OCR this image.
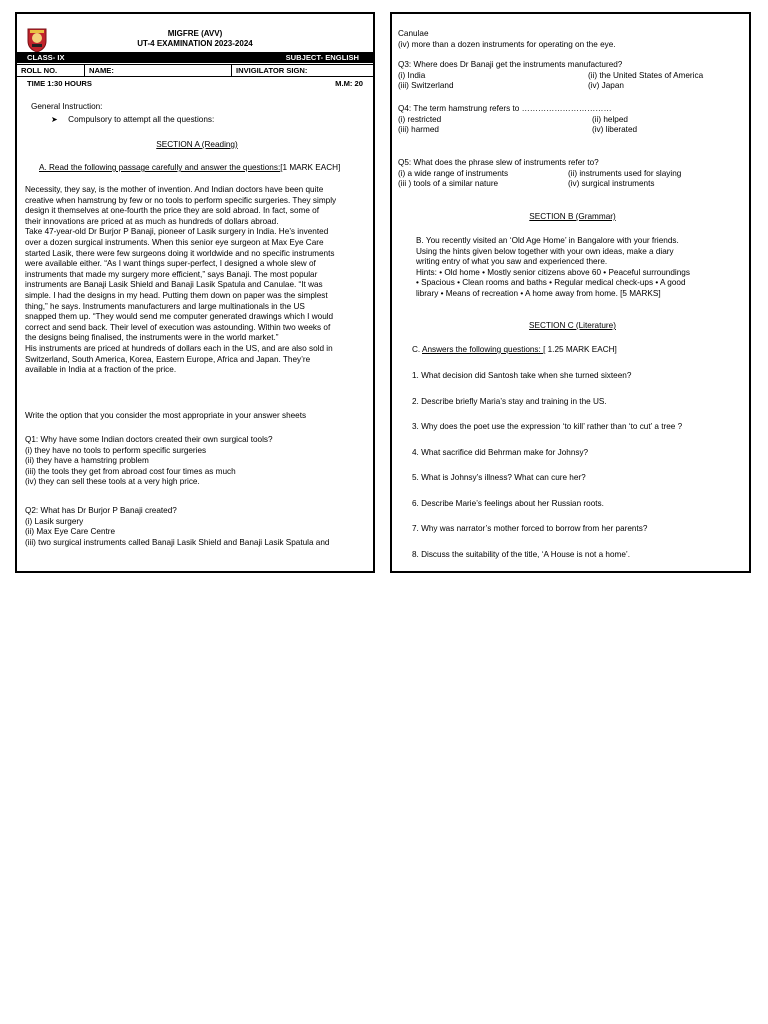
MIGFRE (AVV)
UT-4 EXAMINATION 2023-2024
CLASS- IX	SUBJECT- ENGLISH
ROLL NO.	NAME:	INVIGILATOR SIGN:
TIME 1:30 HOURS	M.M: 20
General Instruction:
➤ Compulsory to attempt all the questions:
SECTION A (Reading)
A. Read the following passage carefully and answer the questions:[1 MARK EACH]
Necessity, they say, is the mother of invention. And Indian doctors have been quite
creative when hamstrung by few or no tools to perform specific surgeries. They simply
design it themselves at one-fourth the price they are sold abroad. In fact, some of
their innovations are priced at as much as hundreds of dollars abroad.
Take 47-year-old Dr Burjor P Banaji, pioneer of Lasik surgery in India. He’s invented
over a dozen surgical instruments. When this senior eye surgeon at Max Eye Care
started Lasik, there were few surgeons doing it worldwide and no specific instruments
were available either. “As I want things super-perfect, I designed a whole slew of
instruments that made my surgery more efficient,” says Banaji. The most popular
instruments are Banaji Lasik Shield and Banaji Lasik Spatula and Canulae. “It was
simple. I had the designs in my head. Putting them down on paper was the simplest
thing,” he says. Instruments manufacturers and large multinationals in the US
snapped them up. “They would send me computer generated drawings which I would
correct and send back. Their level of execution was astounding. Within two weeks of
the designs being finalised, the instruments were in the world market.”
His instruments are priced at hundreds of dollars each in the US, and are also sold in
Switzerland, South America, Korea, Eastern Europe, Africa and Japan. They’re
available in India at a fraction of the price.
Write the option that you consider the most appropriate in your answer sheets
Q1: Why have some Indian doctors created their own surgical tools?
(i) they have no tools to perform specific surgeries
(ii) they have a hamstring problem
(iii) the tools they get from abroad cost four times as much
(iv) they can sell these tools at a very high price.
Q2: What has Dr Burjor P Banaji created?
(i) Lasik surgery
(ii) Max Eye Care Centre
(iii) two surgical instruments called Banaji Lasik Shield and Banaji Lasik Spatula and
Canulae
(iv) more than a dozen instruments for operating on the eye.
Q3: Where does Dr Banaji get the instruments manufactured?
(i) India	(ii) the United States of America
(iii) Switzerland	(iv) Japan
Q4: The term hamstrung refers to ……………………………
(i) restricted	(ii) helped
(iii) harmed	(iv) liberated
Q5: What does the phrase slew of instruments refer to?
(i) a wide range of instruments	(ii) instruments used for slaying
(iii ) tools of a similar nature	(iv) surgical instruments
SECTION B (Grammar)
B. You recently visited an ‘Old Age Home’ in Bangalore with your friends.
Using the hints given below together with your own ideas, make a diary
writing entry of what you saw and experienced there.
Hints: • Old home • Mostly senior citizens above 60 • Peaceful surroundings
• Spacious • Clean rooms and baths • Regular medical check-ups • A good
library • Means of recreation • A home away from home. [5 MARKS]
SECTION C (Literature)
C. Answers the following questions: [ 1.25 MARK EACH]
1. What decision did Santosh take when she turned sixteen?
2. Describe briefly Maria’s stay and training in the US.
3. Why does the poet use the expression ‘to kill’ rather than ‘to cut’ a tree ?
4. What sacrifice did Behrman make for Johnsy?
5. What is Johnsy’s illness? What can cure her?
6. Describe Marie’s feelings about her Russian roots.
7. Why was narrator’s mother forced to borrow from her parents?
8. Discuss the suitability of the title, ‘A House is not a home’.
